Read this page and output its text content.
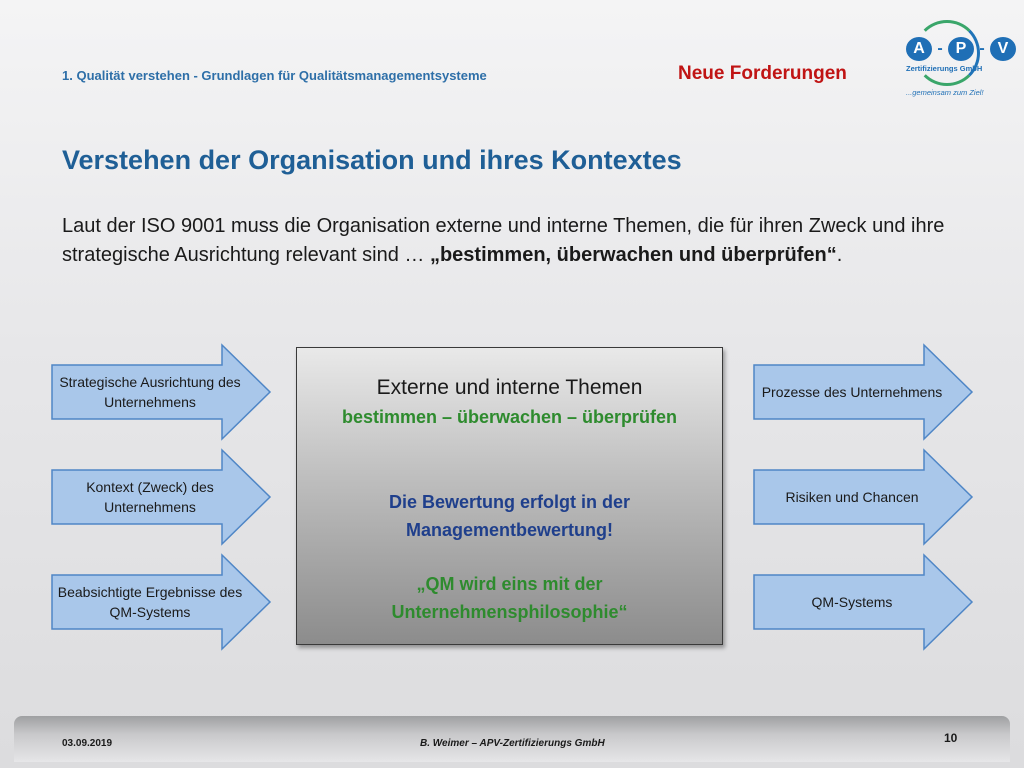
1. Qualität verstehen - Grundlagen für Qualitätsmanagementsysteme	Neue Forderungen
A - P - V
Zertifizierungs GmbH
...gemeinsam zum Ziel!
Verstehen der Organisation und ihres Kontextes

Laut der ISO 9001 muss die Organisation externe und interne Themen, die für ihren Zweck und ihre strategische Ausrichtung relevant sind … „bestimmen, überwachen und überprüfen“.

Strategische Ausrichtung des Unternehmens
Kontext (Zweck) des Unternehmens
Beabsichtigte Ergebnisse des QM-Systems
Externe und interne Themen
bestimmen – überwachen – überprüfen
Die Bewertung erfolgt in der Managementbewertung!
„QM wird eins mit der Unternehmensphilosophie“
Prozesse des Unternehmens
Risiken und Chancen
QM-Systems
03.09.2019	B. Weimer – APV-Zertifizierungs GmbH	10
